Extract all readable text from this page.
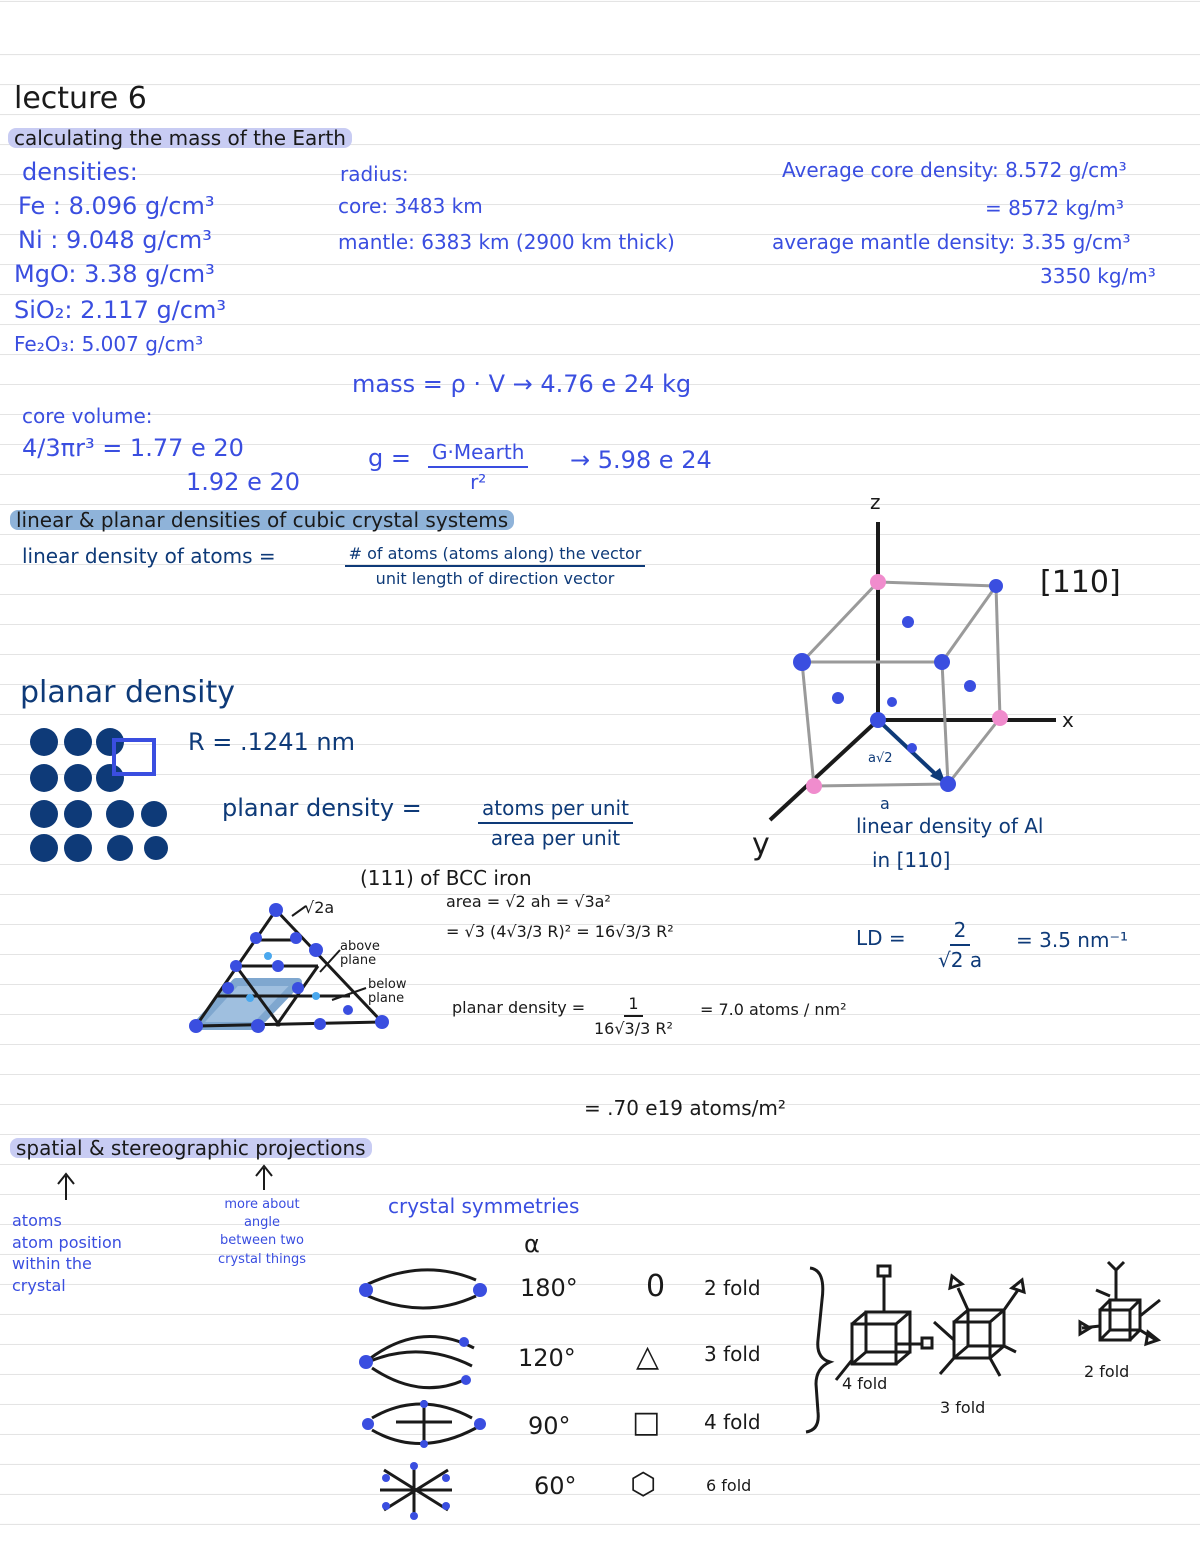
lecture 6
calculating the mass of the Earth
densities:
Fe : 8.096 g/cm³
Ni : 9.048 g/cm³
MgO: 3.38 g/cm³
SiO₂: 2.117 g/cm³
Fe₂O₃: 5.007 g/cm³
radius:
core: 3483 km
mantle: 6383 km (2900 km thick)
Average core density: 8.572 g/cm³
= 8572 kg/m³
average mantle density: 3.35 g/cm³
3350 kg/m³
mass = ρ · V → 4.76 e 24 kg
core volume:
4/3πr³ = 1.77 e 20
1.92 e 20
g = G·Mearth
r²
→ 5.98 e 24
linear & planar densities of cubic crystal systems
linear density of atoms =	# of atoms (atoms along) the vector
unit length of direction vector
planar density
R = .1241 nm
planar density =	atoms per unit
area per unit
(111) of BCC iron
area = √2 ah = √3a²
= √3 (4√3/3 R)² = 16√3/3 R²
√2a
above plane
below plane	planar density = $\frac{1}{\text{16√3/3 R²}} = 7.0$ atoms / nm²
= .70 e19 atoms/m²
z
x
y
[110]
a√2
a
linear density of Al
in [110]
LD = $\frac{2}{√2 a} = 3.5$ nm⁻¹
spatial & stereographic projections
atoms
atom position
within the
crystal
more about
angle
between two
crystal things
crystal symmetries
α
180° 0 2 fold
120° △ 3 fold
90° □ 4 fold
60° ⬡	6 fold
4 fold
3 fold
2 fold
